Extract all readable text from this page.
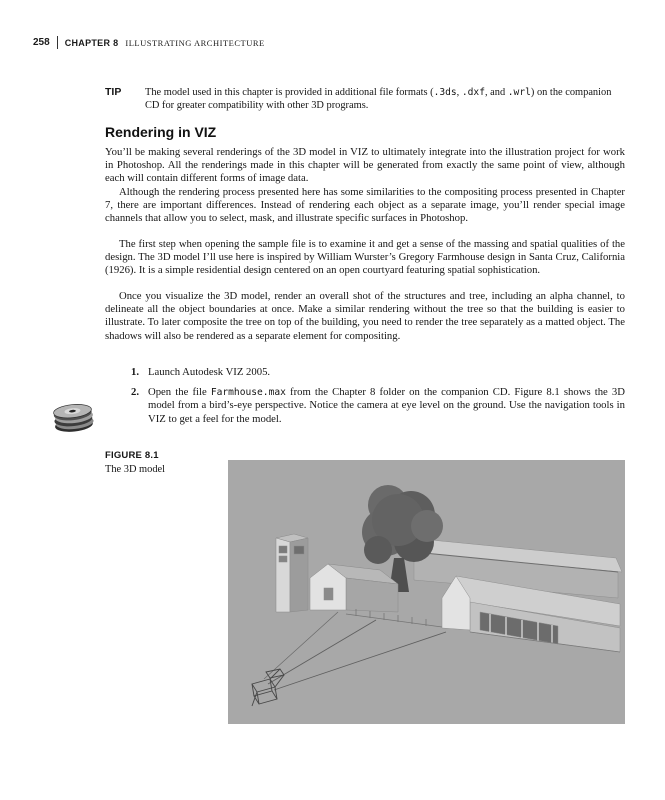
258 CHAPTER 8 ILLUSTRATING ARCHITECTURE
TIP The model used in this chapter is provided in additional file formats (.3ds, .dxf, and .wrl) on the companion CD for greater compatibility with other 3D programs.
Rendering in VIZ

You’ll be making several renderings of the 3D model in VIZ to ultimately integrate into the illustration project for work in Photoshop. All the renderings made in this chapter will be generated from exactly the same point of view, although each will contain different forms of image data.

Although the rendering process presented here has some similarities to the compositing process presented in Chapter 7, there are important differences. Instead of rendering each object as a separate image, you’ll render special image channels that allow you to select, mask, and illustrate specific surfaces in Photoshop.

The first step when opening the sample file is to examine it and get a sense of the massing and spatial qualities of the design. The 3D model I’ll use here is inspired by William Wurster’s Gregory Farmhouse design in Santa Cruz, California (1926). It is a simple residential design centered on an open courtyard featuring spatial sophistication.

Once you visualize the 3D model, render an overall shot of the structures and tree, including an alpha channel, to delineate all the object boundaries at once. Make a similar rendering without the tree so that the building is easier to illustrate. To later composite the tree on top of the building, you need to render the tree separately as a matted object. The shadows will also be rendered as a separate element for compositing.

1. Launch Autodesk VIZ 2005.
2. Open the file Farmhouse.max from the Chapter 8 folder on the companion CD. Figure 8.1 shows the 3D model from a bird’s-eye perspective. Notice the camera at eye level on the ground. Use the navigation tools in VIZ to get a feel for the model.
FIGURE 8.1
The 3D model
